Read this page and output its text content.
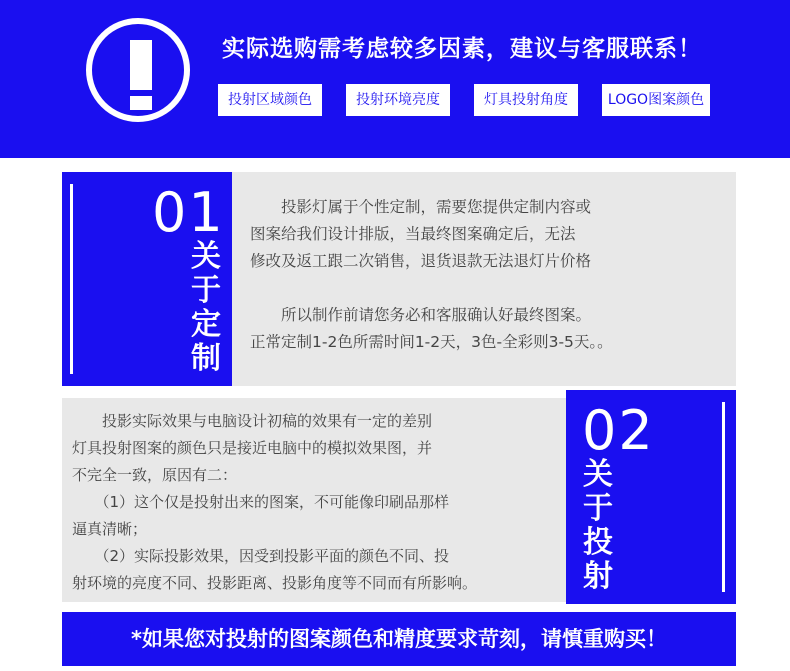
实际选购需考虑较多因素，建议与客服联系！
投射区域颜色	投射环境亮度	灯具投射角度	LOGO图案颜色
01
关
于
定
制
　　投影灯属于个性定制，需要您提供定制内容或
图案给我们设计排版，当最终图案确定后，无法
修改及返工跟二次销售，退货退款无法退灯片价格

　　所以制作前请您务必和客服确认好最终图案。
正常定制1-2色所需时间1-2天，3色-全彩则3-5天。。
02
关
于
投
射
　　投影实际效果与电脑设计初稿的效果有一定的差别
灯具投射图案的颜色只是接近电脑中的模拟效果图，并
不完全一致，原因有二：
　　（1）这个仅是投射出来的图案，不可能像印刷品那样
逼真清晰；
　　（2）实际投影效果，因受到投影平面的颜色不同、投
射环境的亮度不同、投影距离、投影角度等不同而有所影响。
*如果您对投射的图案颜色和精度要求苛刻，请慎重购买！
